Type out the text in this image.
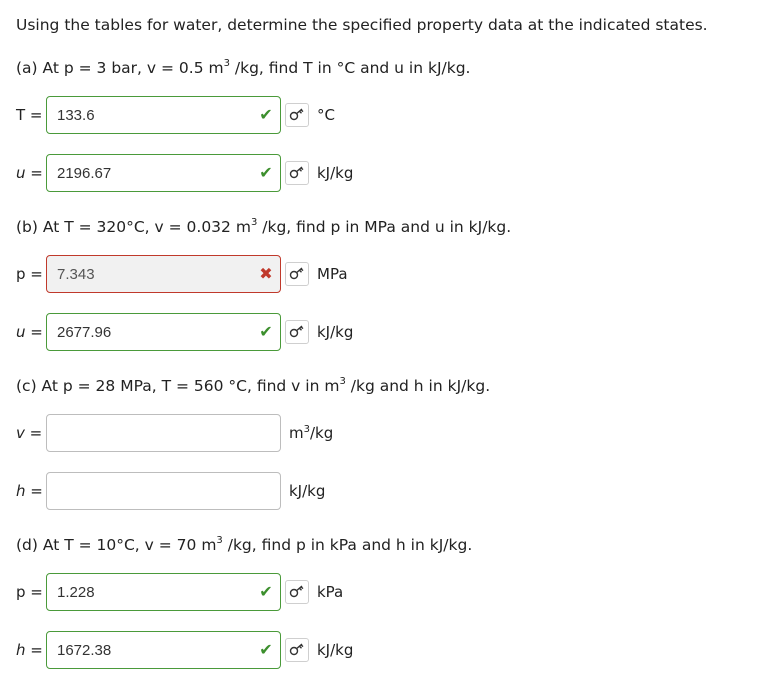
Using the tables for water, determine the specified property data at the indicated states.
(a) At p = 3 bar, v = 0.5 $m^3$ /kg, find T in °C and u in kJ/kg.
T =
133.6	✔	°C
u =
2196.67	✔	kJ/kg
(b) At T = 320°C, v = 0.032 $m^3$ /kg, find p in MPa and u in kJ/kg.
p =
7.343	✖	MPa
u =
2677.96	✔	kJ/kg
(c) At p = 28 MPa, T = 560 °C, find v in $m^3$ /kg and h in kJ/kg.
v =	$m^3/kg$
h =	kJ/kg
(d) At T = 10°C, v = 70 $m^3$ /kg, find p in kPa and h in kJ/kg.
p =
1.228	✔	kPa
h =
1672.38	✔	kJ/kg
